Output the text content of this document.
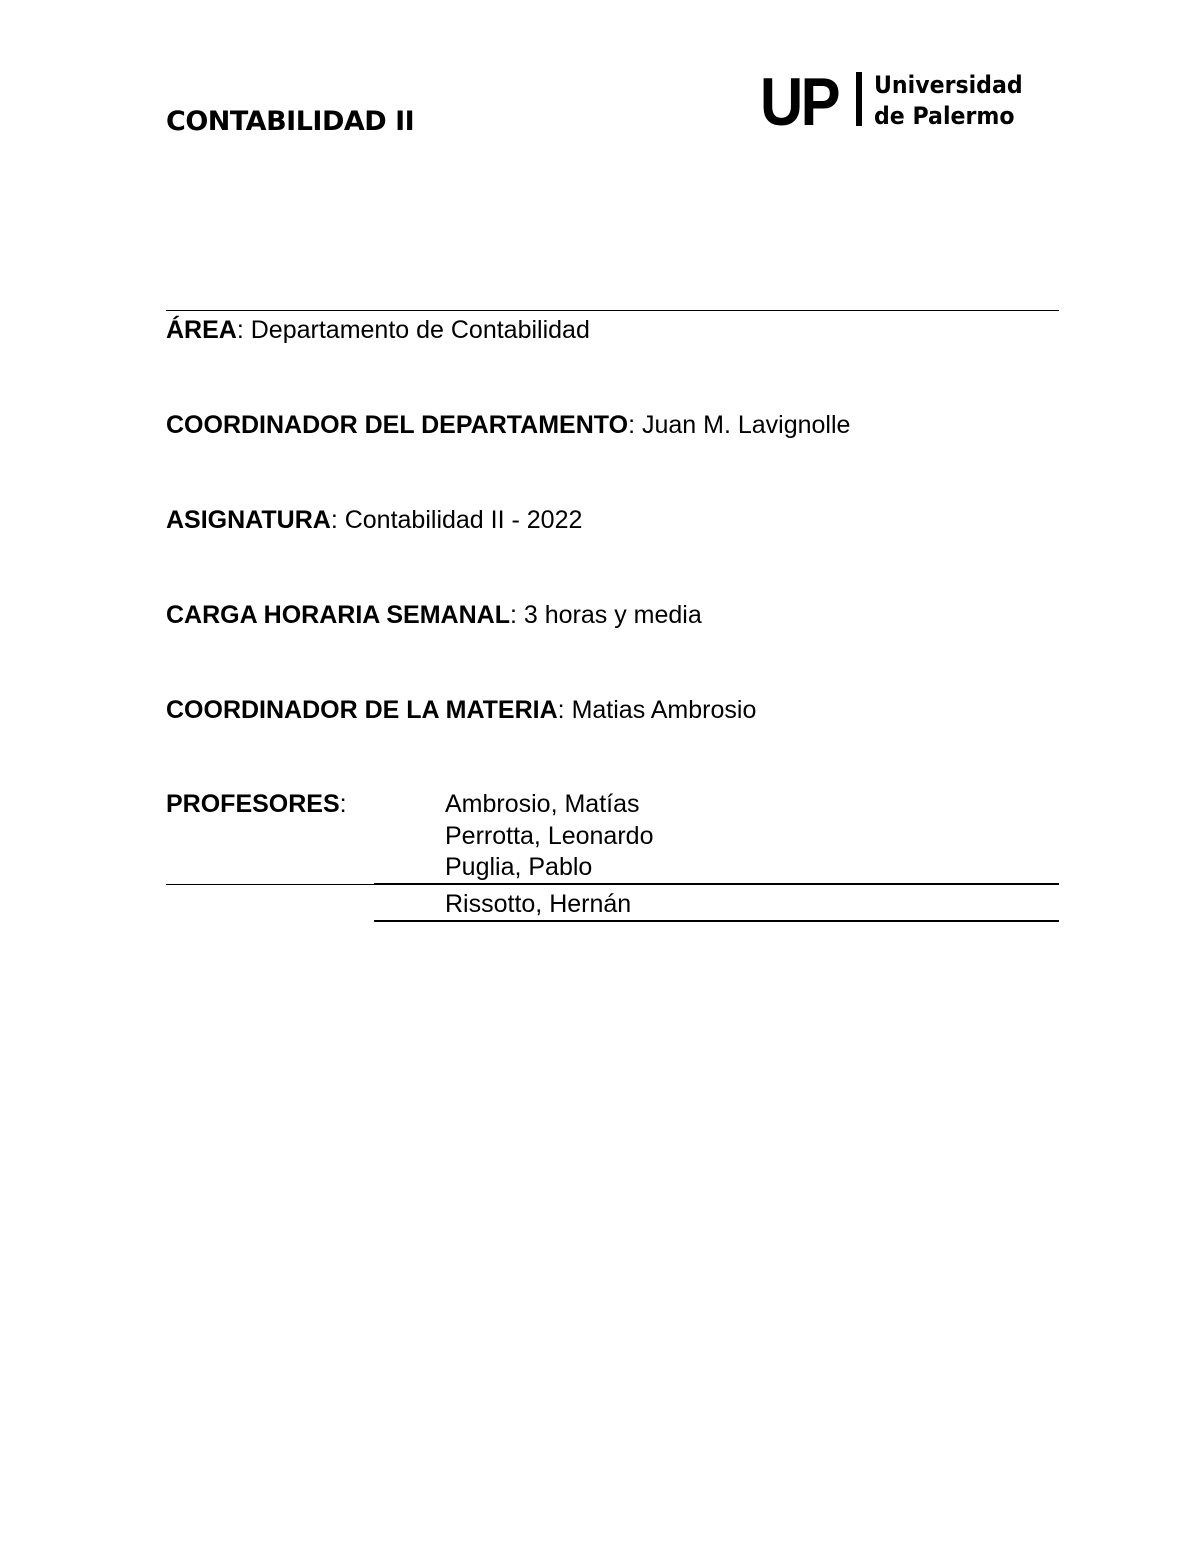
CONTABILIDAD II	UP Universidad
de Palermo
ÁREA: Departamento de Contabilidad
COORDINADOR DEL DEPARTAMENTO: Juan M. Lavignolle
ASIGNATURA: Contabilidad II - 2022
CARGA HORARIA SEMANAL: 3 horas y media
COORDINADOR DE LA MATERIA: Matias Ambrosio
PROFESORES:	Ambrosio, Matías
Perrotta, Leonardo
Puglia, Pablo
Rissotto, Hernán
